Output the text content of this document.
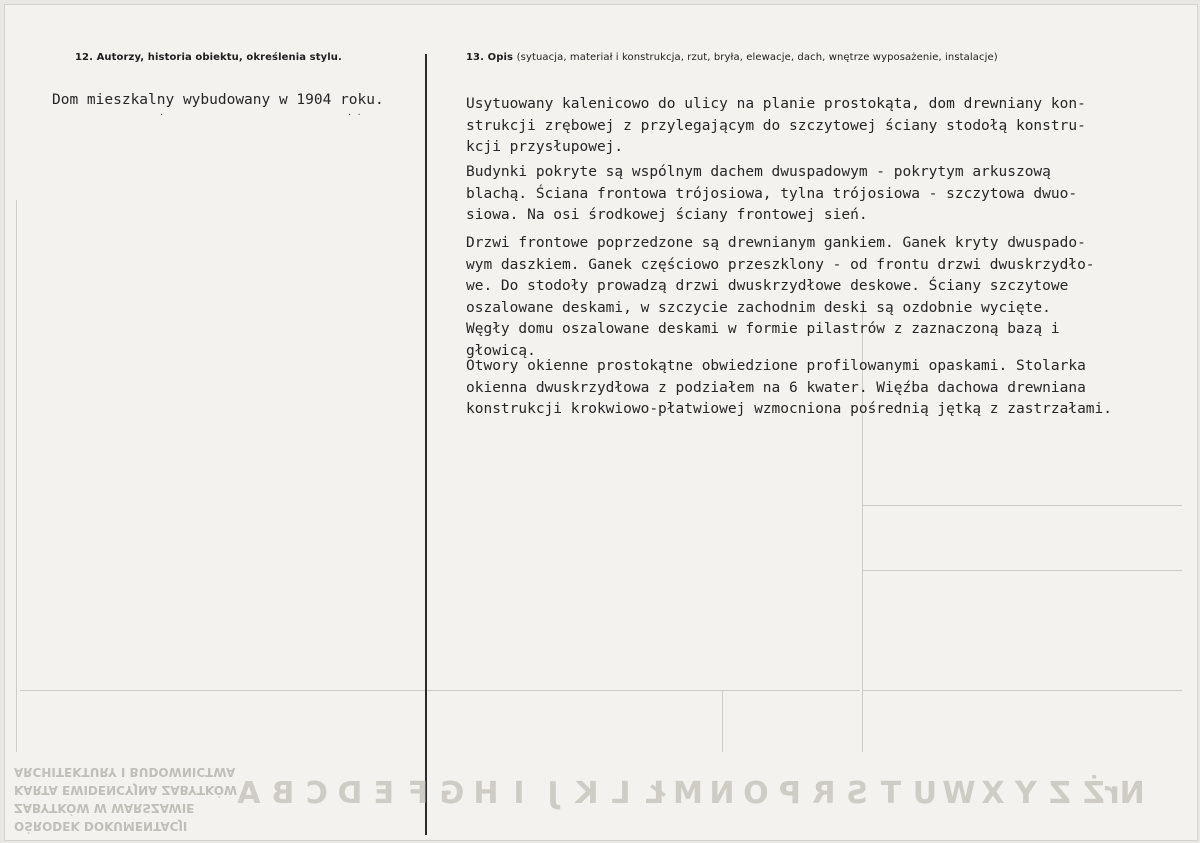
12. Autorzy, historia obiektu, określenia stylu.	13. Opis (sytuacja, materiał i konstrukcja, rzut, bryła, elewacje, dach, wnętrze wyposażenie, instalacje)
Dom mieszkalny wybudowany w 1904 roku.
·	·  ·
Usytuowany kalenicowo do ulicy na planie prostokąta, dom drewniany kon-
strukcji zrębowej z przylegającym do szczytowej ściany stodołą konstru-
kcji przysłupowej.
Budynki pokryte są wspólnym dachem dwuspadowym - pokrytym arkuszową
blachą. Ściana frontowa trójosiowa, tylna trójosiowa - szczytowa dwuo-
siowa. Na osi środkowej ściany frontowej sień.
Drzwi frontowe poprzedzone są drewnianym gankiem. Ganek kryty dwuspado-
wym daszkiem. Ganek częściowo przeszklony - od frontu drzwi dwuskrzydło-
we. Do stodoły prowadzą drzwi dwuskrzydłowe deskowe. Ściany szczytowe
oszalowane deskami, w szczycie zachodnim deski są ozdobnie wycięte.
Węgły domu oszalowane deskami w formie pilastrów z zaznaczoną bazą i
głowicą.
Otwory okienne prostokątne obwiedzione profilowanymi opaskami. Stolarka
okienna dwuskrzydłowa z podziałem na 6 kwater. Więźba dachowa drewniana
konstrukcji krokwiowo-płatwiowej wzmocniona pośrednią jętką z zastrzałami.
OŚRODEK DOKUMENTACJI
ZABYTKÓW W WARSZAWIE
KARTA EWIDENCYJNA ZABYTKÓW
ARCHITEKTURY I BUDOWNICTWA
A B C D E F G H I J K L Ł M N O P R S T U W X Y Z Ż Nr
